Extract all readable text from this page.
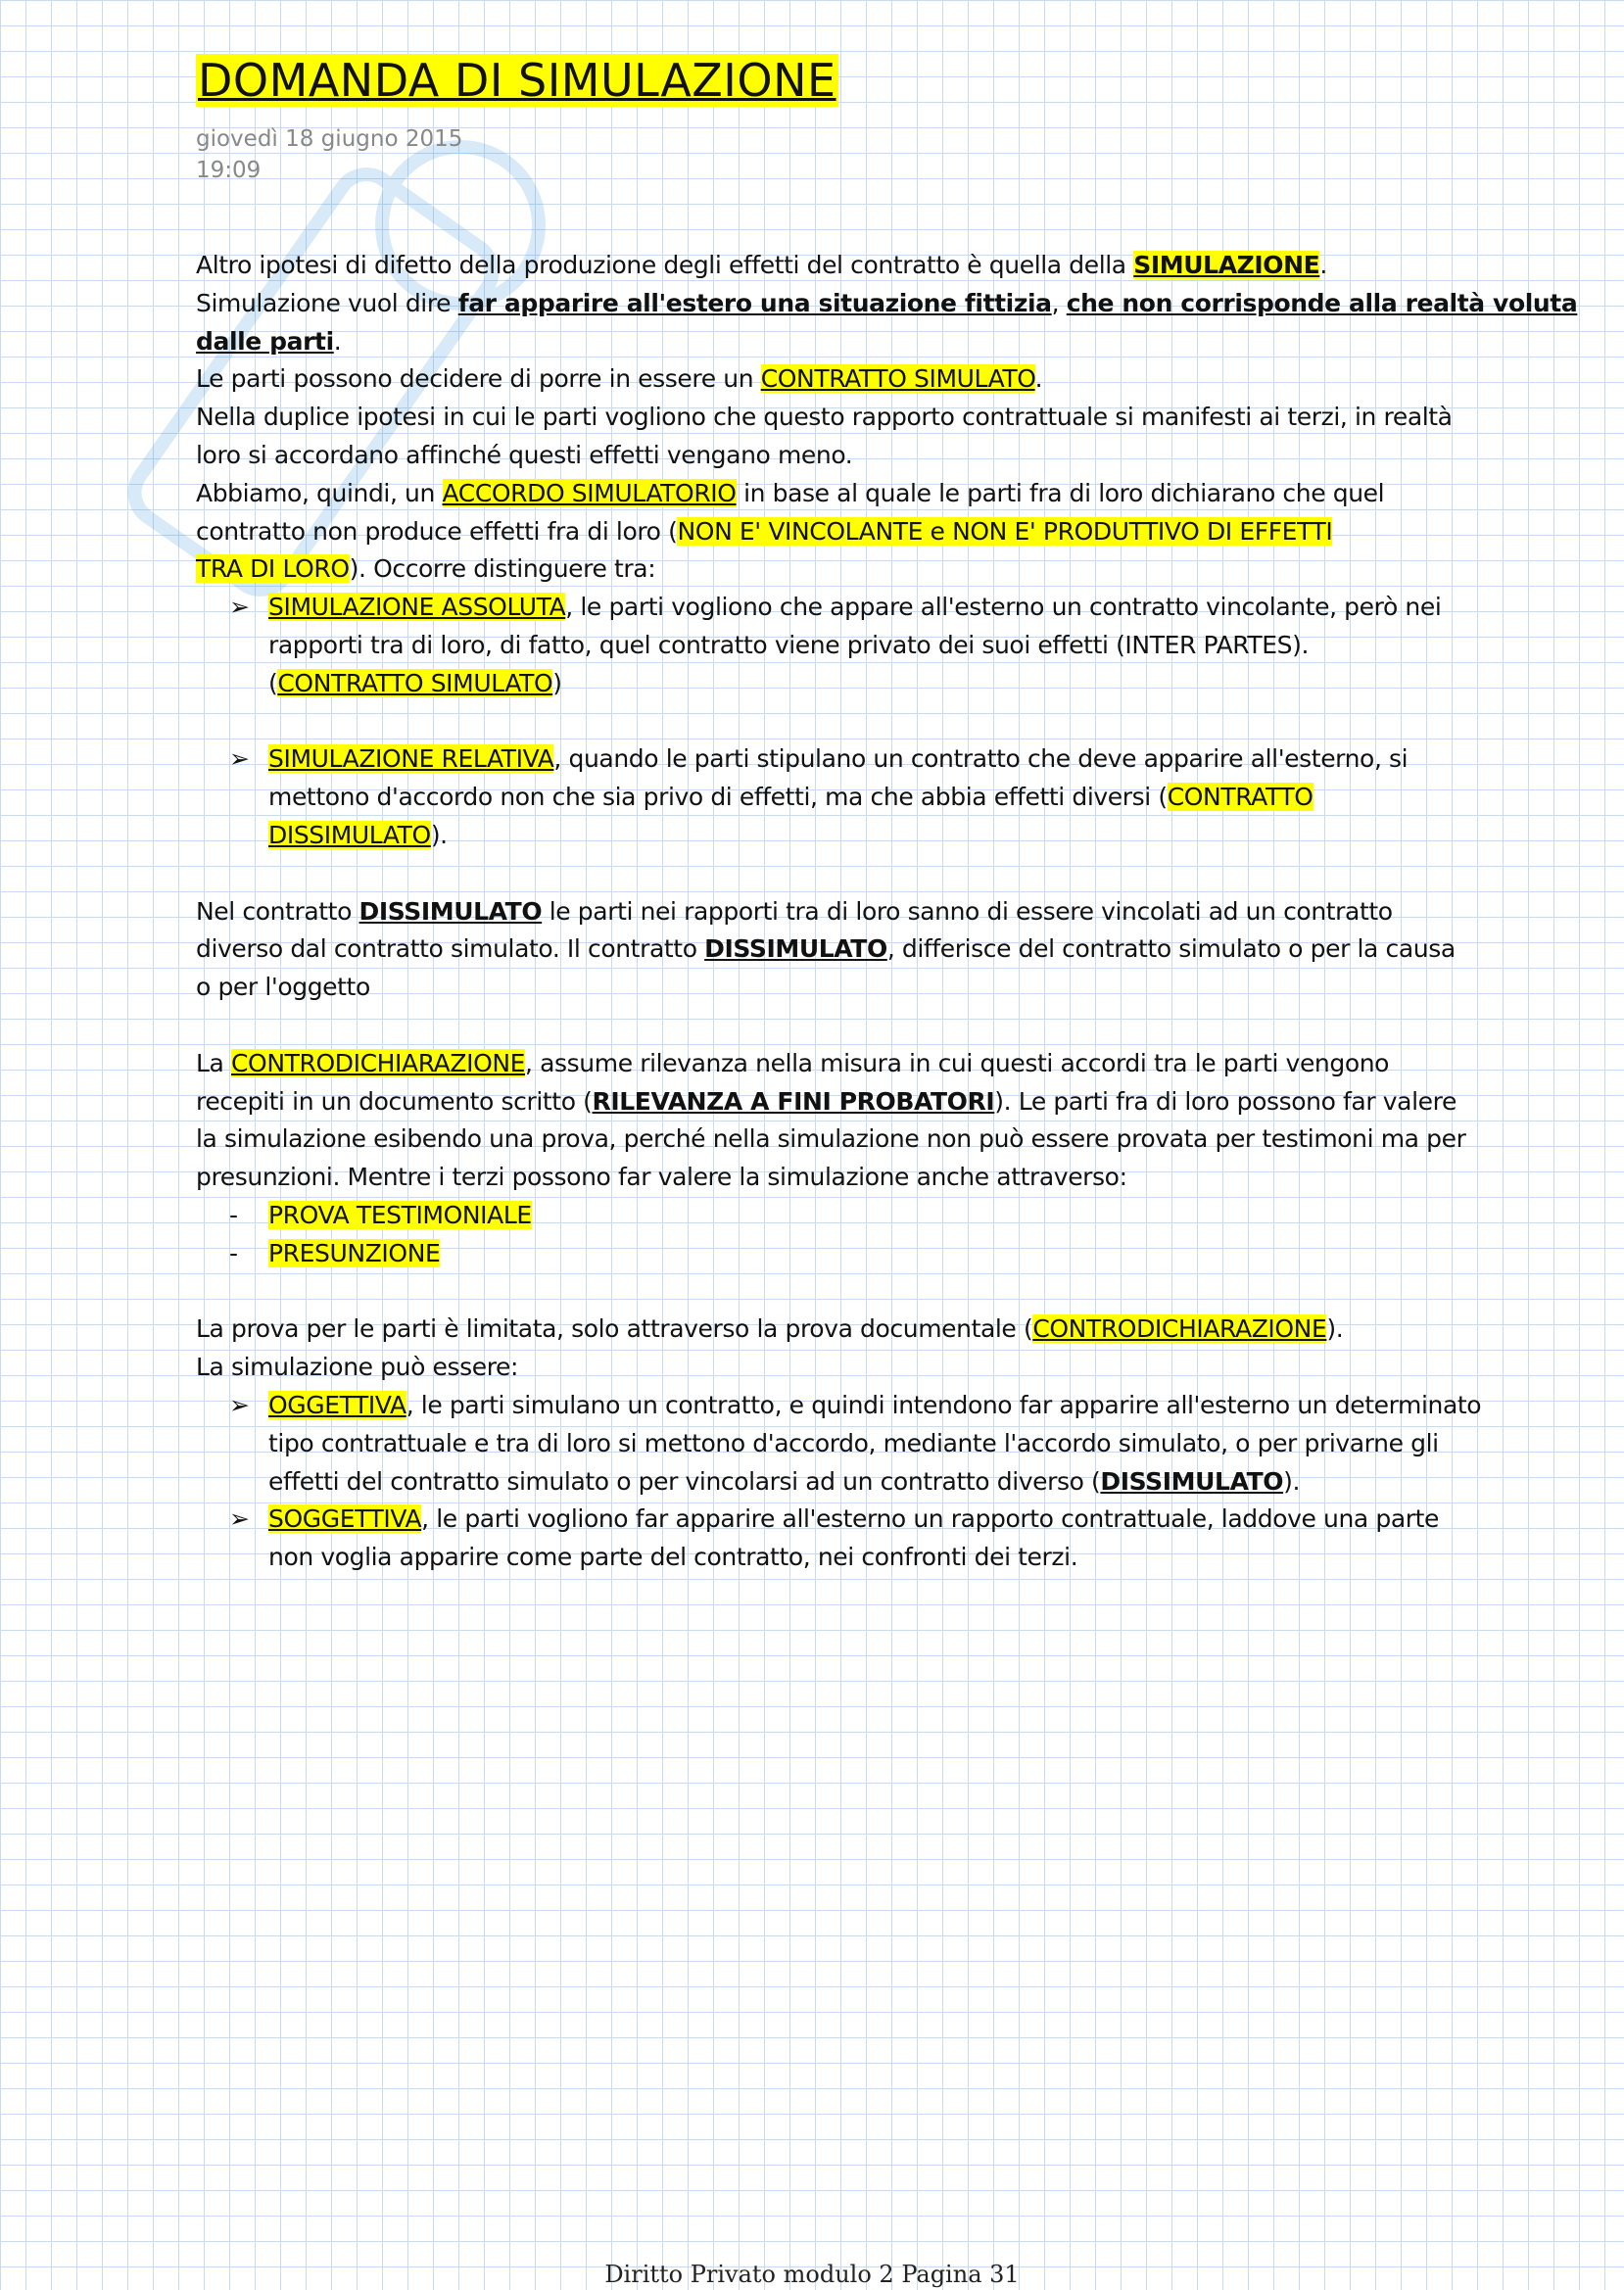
DOMANDA DI SIMULAZIONE
giovedì 18 giugno 2015
19:09
Altro ipotesi di difetto della produzione degli effetti del contratto è quella della SIMULAZIONE.
Simulazione vuol dire far apparire all'estero una situazione fittizia, che non corrisponde alla realtà voluta
dalle parti.
Le parti possono decidere di porre in essere un CONTRATTO SIMULATO.
Nella duplice ipotesi in cui le parti vogliono che questo rapporto contrattuale si manifesti ai terzi, in realtà
loro si accordano affinché questi effetti vengano meno.
Abbiamo, quindi, un ACCORDO SIMULATORIO in base al quale le parti fra di loro dichiarano che quel
contratto non produce effetti fra di loro (NON E' VINCOLANTE e NON E' PRODUTTIVO DI EFFETTI
TRA DI LORO). Occorre distinguere tra:
➢ SIMULAZIONE ASSOLUTA, le parti vogliono che appare all'esterno un contratto vincolante, però nei
rapporti tra di loro, di fatto, quel contratto viene privato dei suoi effetti (INTER PARTES).
(CONTRATTO SIMULATO)
➢ SIMULAZIONE RELATIVA, quando le parti stipulano un contratto che deve apparire all'esterno, si
mettono d'accordo non che sia privo di effetti, ma che abbia effetti diversi (CONTRATTO
DISSIMULATO).
Nel contratto DISSIMULATO le parti nei rapporti tra di loro sanno di essere vincolati ad un contratto
diverso dal contratto simulato. Il contratto DISSIMULATO, differisce del contratto simulato o per la causa
o per l'oggetto
La CONTRODICHIARAZIONE, assume rilevanza nella misura in cui questi accordi tra le parti vengono
recepiti in un documento scritto (RILEVANZA A FINI PROBATORI). Le parti fra di loro possono far valere
la simulazione esibendo una prova, perché nella simulazione non può essere provata per testimoni ma per
presunzioni. Mentre i terzi possono far valere la simulazione anche attraverso:
-	PROVA TESTIMONIALE
-	PRESUNZIONE
La prova per le parti è limitata, solo attraverso la prova documentale (CONTRODICHIARAZIONE).
La simulazione può essere:
➢ OGGETTIVA, le parti simulano un contratto, e quindi intendono far apparire all'esterno un determinato
tipo contrattuale e tra di loro si mettono d'accordo, mediante l'accordo simulato, o per privarne gli
effetti del contratto simulato o per vincolarsi ad un contratto diverso (DISSIMULATO).
➢ SOGGETTIVA, le parti vogliono far apparire all'esterno un rapporto contrattuale, laddove una parte
non voglia apparire come parte del contratto, nei confronti dei terzi.
Diritto Privato modulo 2 Pagina 31
